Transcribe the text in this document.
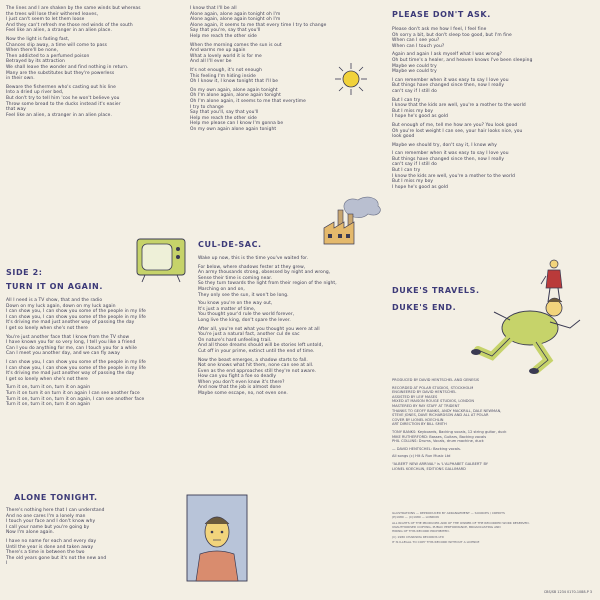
The lines and I are shaken by the same winds but whereas
the trees will lose their withered leaves,
I just can't seem to let them loose
And they can't refresh me those red winds of the south
Feel like an alien, a stranger in an alien place.

Now the light is fading fast,
Chances slip away, a time will come to pass
When there'll be none,
Then addicted to a perfumed poison
Betrayed by its attraction
We shall leave the wonder and find nothing in return.
Many are the substitutes but they're powerless
in their own.

Beware the fishermen who's casting out his line
Into a dried up river bed,
But don't try to tell him 'cos he won't believe you
Throw some bread to the ducks instead it's easier
that way
Feel like an alien, a stranger in an alien place.

SIDE 2:
TURN IT ON AGAIN.

All I need is a TV show, that and the radio
Down on my luck again, down on my luck again
I can show you, I can show you some of the people in my life
I can show you, I can show you some of the people in my life
It's driving me mad just another way of passing the day
I get so lonely when she's not there

You're just another face that I know from the TV show
I have known you for so very long, I tell you like a friend
Can I you do anything for me, can I touch you for a while
Can I meet you another day, and we can fly away

I can show you, I can show you some of the people in my life
I can show you, I can show you some of the people in my life
It's driving me mad just another way of passing the day
I get so lonely when she's not there

Turn it on, turn it on, turn it on again
Turn it on turn it on turn it on again I can see another face
Turn it on, turn it on, turn it on again, I can see another face
Turn it on, turn it on, turn it on again

ALONE TONIGHT.

There's nothing here that I can understand
And no one cares I'm a lonely man
I touch your face and I don't know why
I call your name but you're going by
Now I'm alone again.

I have no name for each and every day
Until the year is done and taken away
There's a time in between the two
The old years gone but it's not the new and
I

I know that I'll be all
Alone again, alone again tonight oh I'm
Alone again, alone again tonight oh I'm
Alone again, it seems to me that every time I try to change
Say that you're, say that you'll
Help me reach the other side

When the morning comes the sun is out
And warms me up again
What a lovely world it is for me
And all I'll ever be

It's not enough, it's not enough
This feeling I'm hiding inside
Oh I know it, I know tonight that I'll be

On my own again, alone again tonight
Oh I'm alone again, alone again tonight
Oh I'm alone again, it seems to me that everytime
I try to change
Say that you'll, say that you'll
Help me reach the other side
Help me please can I know I'm gonna be
On my own again alone again tonight

CUL-DE-SAC.

Wake up now, this is the time you've waited for.

For below, where shadows fester at they grew,
An army thousands strong, obsessed by night and wrong,
Sense their time is coming near.
So they turn towards the light from their region of the night,
Marching on and on,
They only see the sun, it won't be long.

You know you're on the way out,
It's just a matter of time,
You thought your'd rule the world forever,
Long live the king, don't spare the lever.

After all, you're not what you thought you were at all
You're just a natural fact, another cul de sac
On nature's hard unfeeling trail.
And all those dreams should will be stories left untold,
Cut off in your prime, extinct until the end of time.

Now the beast emerges, a shadow starts to fall.
Not one knows what hit them, none can see at all.
Even as the end approaches still they're not aware.
How can you fight a foe so deadly
When you don't even know it's there?
And now that the job is almost done
Maybe some escape, no, not even one.

PLEASE DON'T ASK.

Please don't ask me how I feel, I feel fine
Oh sorry a bit, but don't sleep too good, but I'm fine
When can I see you?
When can I touch you?

Again and again I ask myself what I was wrong?
Oh but time's a healer, and heaven knows I've been sleeping
Maybe we could try
Maybe we could try

I can remember when it was easy to say I love you
But things have changed since then, now I really
can't say if I still do

But I can try
I know that the kids are well, you're a mother to the world
But I miss my boy
I hope he's good as gold

But enough of me, tell me how are you? You look good
Oh you're lost weight I can see, your hair looks nice, you
look good

Maybe we should try, don't say it, I know why

I can remember when it was easy to say I love you
But things have changed since then, now I really
can't say if I still do
But I can try
I know the kids are well, you're a mother to the world
But I miss my boy
I hope he's good as gold

DUKE'S TRAVELS.
DUKE'S END.

PRODUCED BY DAVID HENTSCHEL AND GENESIS

RECORDED AT POLAR STUDIOS, STOCKHOLM
ENGINEERED BY DAVID HENTSCHEL
ASSISTED BY LEIF MASES
MIXED AT MAISON ROUGE STUDIOS, LONDON
MASTERED BY RAY STAFF AT TRIDENT
THANKS TO GEOFF BANKS, ANDY MACKRILL, DALE NEWMAN,
STEVE JONES, DAVE RICHARDSON AND ALL AT POLAR
COVER BY LIONEL KOECHLIN
ART DIRECTION BY BILL SMITH

TONY BANKS: Keyboards, Backing vocals, 12 string guitar, duck
MIKE RUTHERFORD: Basses, Guitars, Backing vocals
PHIL COLLINS: Drums, Vocals, drum machine, duck

— DAVID HENTSCHEL: Backing vocals.

All songs (c) Hit & Run Music Ltd

"ALBERT' NEW ARRIVAL" is 'L'ALPHABET GALBERT' BY
LIONEL KOECHLIN, EDITIONS GALLIMARD

ILLUSTRATIONS — REPRODUCED BY ARRANGEMENT — SOURCES / CREDITS
(P)1980 — (C)1980 — LONDON

ALL RIGHTS OF THE PRODUCER AND OF THE OWNER OF THE RECORDED WORK RESERVED.
UNAUTHORISED COPYING, PUBLIC PERFORMANCE, BROADCASTING AND
HIRING OF THIS RECORD PROHIBITED.

(C) 1980 CHARISMA RECORDS LTD

IT IS ILLEGAL TO COPY THIS RECORD WITHOUT A LICENCE

CBS/SB 1234 0170-1088-P 3
